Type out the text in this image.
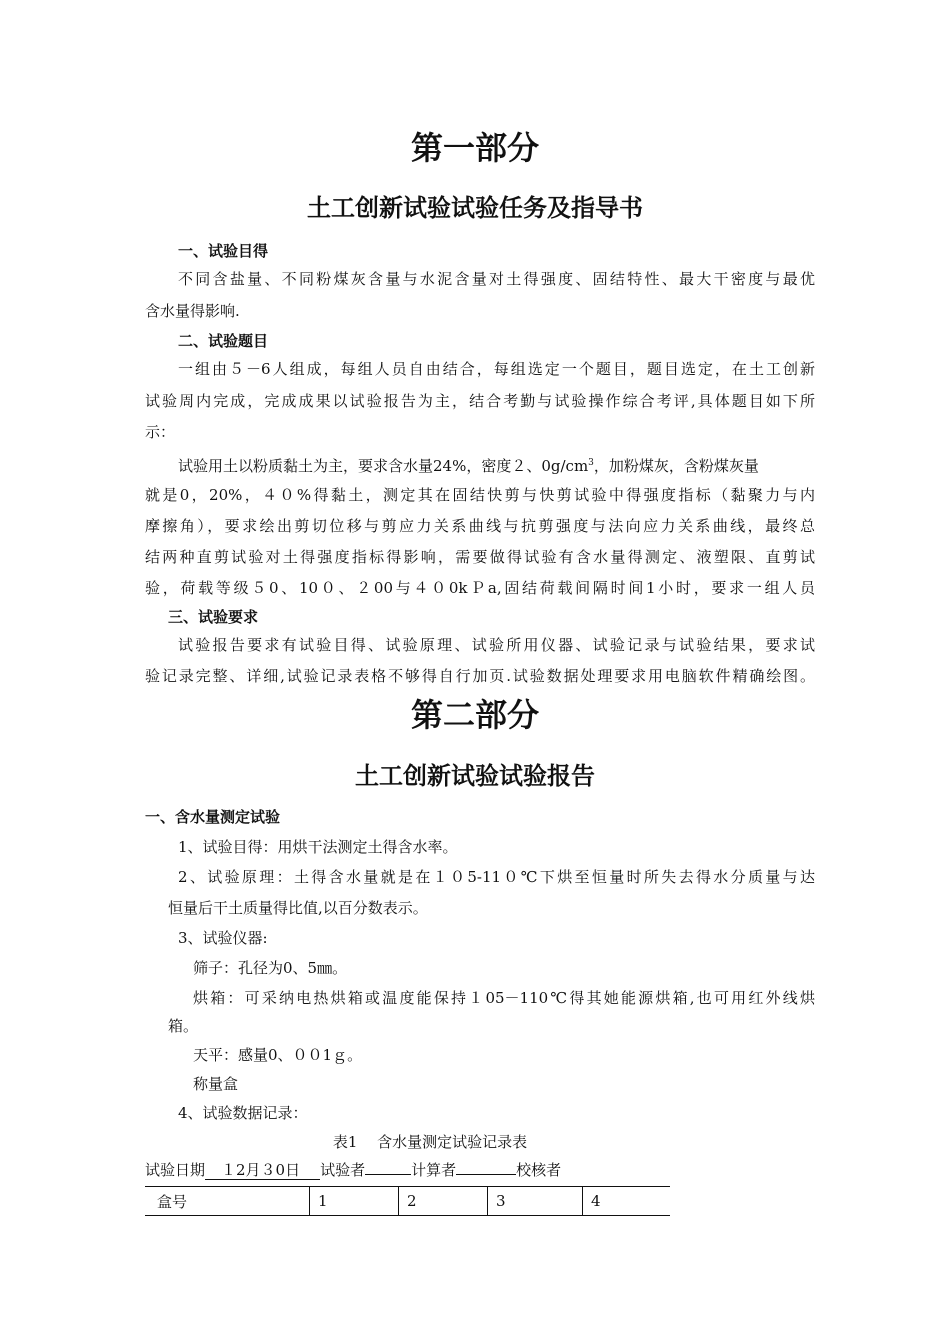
第一部分
土工创新试验试验任务及指导书
一、试验目得
不同含盐量、不同粉煤灰含量与水泥含量对土得强度、固结特性、最大干密度与最优
含水量得影响.
二、试验题目
一组由５－6人组成，每组人员自由结合，每组选定一个题目，题目选定，在土工创新
试验周内完成，完成成果以试验报告为主，结合考勤与试验操作综合考评,具体题目如下所
示：
试验用土以粉质黏土为主，要求含水量24%，密度２、$0g/cm^3$，加粉煤灰，含粉煤灰量
就是0，20%，４０%得黏土，测定其在固结快剪与快剪试验中得强度指标（黏聚力与内
摩擦角），要求绘出剪切位移与剪应力关系曲线与抗剪强度与法向应力关系曲线，最终总
结两种直剪试验对土得强度指标得影响，需要做得试验有含水量得测定、液塑限、直剪试
验，荷载等级５0、10０、２00与４０0kＰa,固结荷载间隔时间1小时，要求一组人员
三、试验要求
试验报告要求有试验目得、试验原理、试验所用仪器、试验记录与试验结果，要求试
验记录完整、详细,试验记录表格不够得自行加页.试验数据处理要求用电脑软件精确绘图。
第二部分
土工创新试验试验报告
一、含水量测定试验
1、试验目得：用烘干法测定土得含水率。
2、试验原理：土得含水量就是在１０5-11０℃下烘至恒量时所失去得水分质量与达
恒量后干土质量得比值,以百分数表示。
3、试验仪器:
筛子：孔径为0、5㎜。
烘箱：可采纳电热烘箱或温度能保持１05－110℃得其她能源烘箱,也可用红外线烘
箱。
天平：感量0、００1ｇ。
称量盒
4、试验数据记录：
表1　 含水量测定试验记录表
试验日期 １2月３0日 试验者	计算者	校核者
盒号	1	2	3	4
